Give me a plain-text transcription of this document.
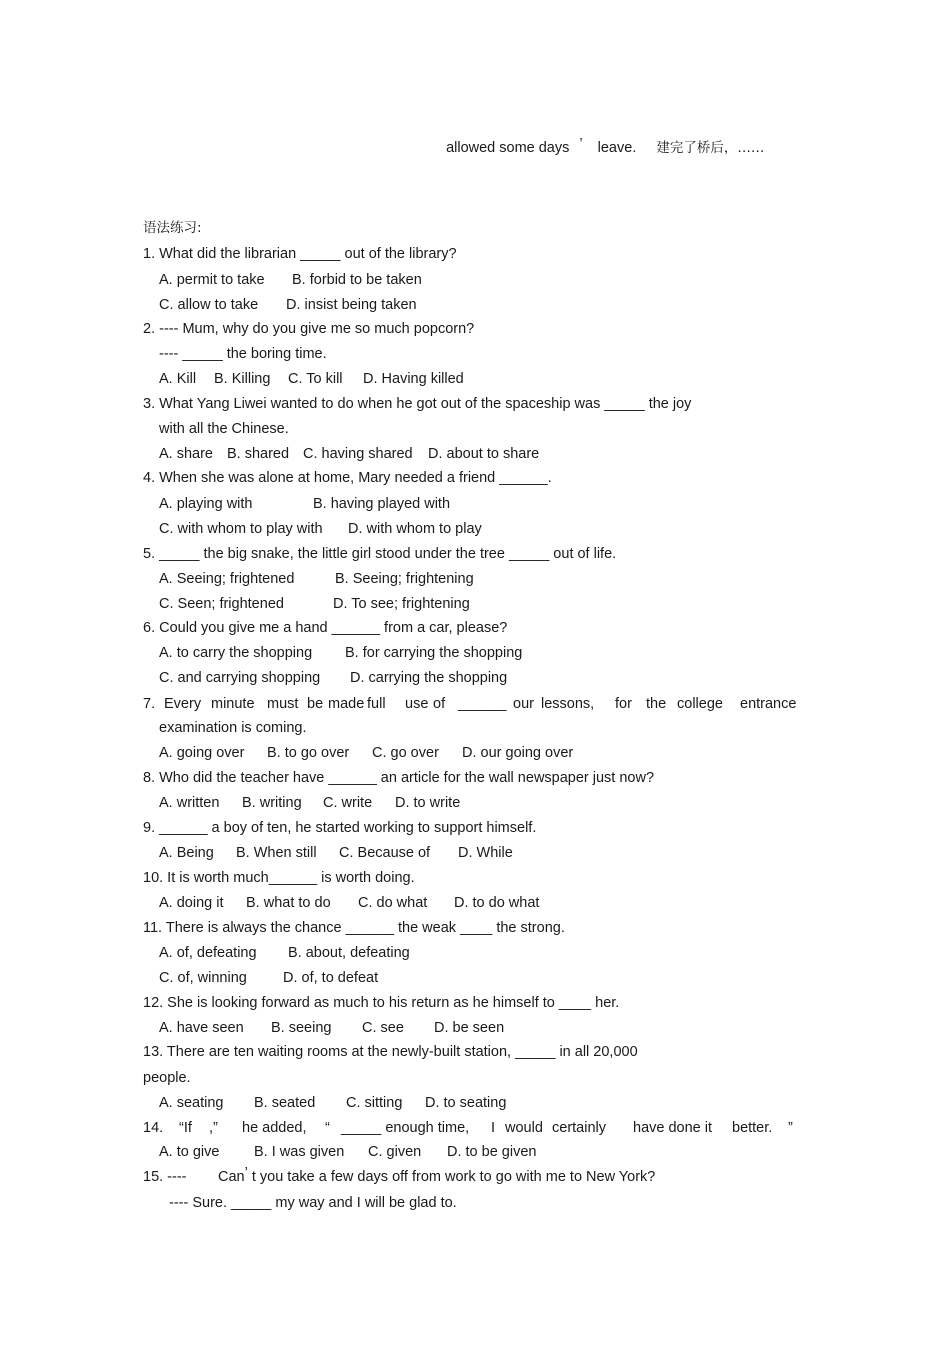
allowed some days ’ leave. 建完了桥后，……

语法练习:
1. What did the librarian _____ out of the library?
A. permit to take B. forbid to be taken
C. allow to take D. insist being taken
2. ---- Mum, why do you give me so much popcorn?
---- _____ the boring time.
A. Kill B. Killing C. To kill D. Having killed
3. What Yang Liwei wanted to do when he got out of the spaceship was _____ the joy
with all the Chinese.
A. share B. shared C. having shared D. about to share
4. When she was alone at home, Mary needed a friend ______.
A. playing with	B. having played with
C. with whom to play with D. with whom to play
5. _____ the big snake, the little girl stood under the tree _____ out of life.
A. Seeing; frightened	B. Seeing; frightening
C. Seen; frightened	D. To see; frightening
6. Could you give me a hand ______ from a car, please?
A. to carry the shopping B. for carrying the shopping
C. and carrying shopping D. carrying the shopping
7. Every minute must be made full use of ______ our lessons, for the college entrance
examination is coming.
A. going over B. to go over C. go over D. our going over
8. Who did the teacher have ______ an article for the wall newspaper just now?
A. written B. writing C. write D. to write
9. ______ a boy of ten, he started working to support himself.
A. Being B. When still C. Because of D. While
10. It is worth much______ is worth doing.
A. doing it B. what to do C. do what D. to do what
11. There is always the chance ______ the weak ____ the strong.
A. of, defeating B. about, defeating
C. of, winning D. of, to defeat
12. She is looking forward as much to his return as he himself to ____ her.
A. have seen B. seeing C. see D. be seen
13. There are ten waiting rooms at the newly-built station, _____ in all 20,000
people.
A. seating B. seated C. sitting D. to seating
14. “If ,” he added, “ _____ enough time, I would certainly have done it better. ”
A. to give B. I was given C. given D. to be given
15. ---- Can’ t you take a few days off from work to go with me to New York?
---- Sure. _____ my way and I will be glad to.
